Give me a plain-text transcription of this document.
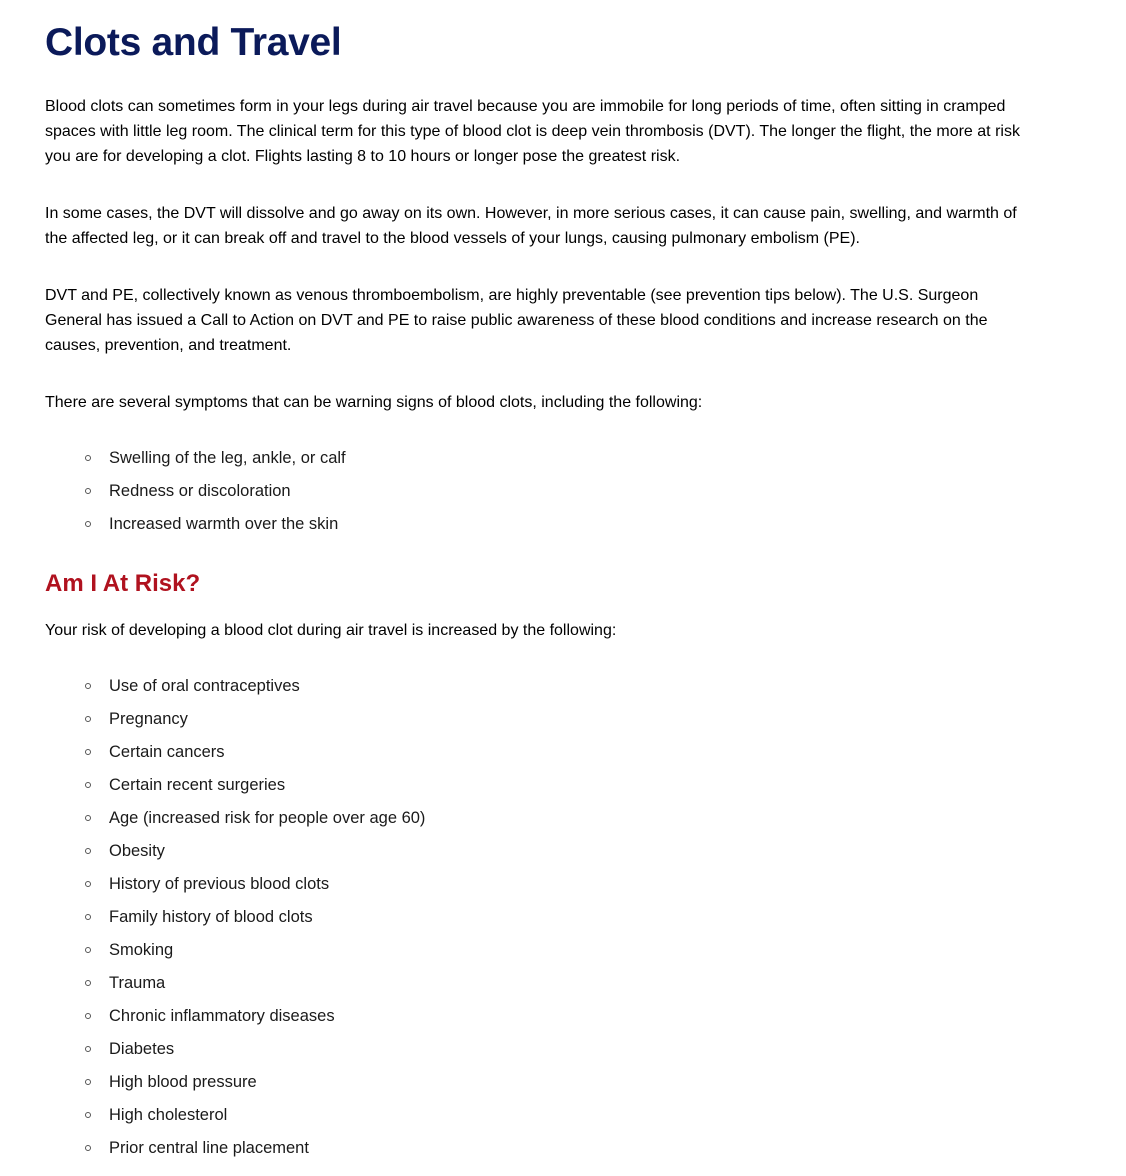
Clots and Travel

Blood clots can sometimes form in your legs during air travel because you are immobile for long periods of time, often sitting in cramped spaces with little leg room. The clinical term for this type of blood clot is deep vein thrombosis (DVT). The longer the flight, the more at risk you are for developing a clot. Flights lasting 8 to 10 hours or longer pose the greatest risk.

In some cases, the DVT will dissolve and go away on its own. However, in more serious cases, it can cause pain, swelling, and warmth of the affected leg, or it can break off and travel to the blood vessels of your lungs, causing pulmonary embolism (PE).

DVT and PE, collectively known as venous thromboembolism, are highly preventable (see prevention tips below). The U.S. Surgeon General has issued a Call to Action on DVT and PE to raise public awareness of these blood conditions and increase research on the causes, prevention, and treatment.

There are several symptoms that can be warning signs of blood clots, including the following:

Swelling of the leg, ankle, or calf
Redness or discoloration
Increased warmth over the skin
Am I At Risk?

Your risk of developing a blood clot during air travel is increased by the following:

Use of oral contraceptives
Pregnancy
Certain cancers
Certain recent surgeries
Age (increased risk for people over age 60)
Obesity
History of previous blood clots
Family history of blood clots
Smoking
Trauma
Chronic inflammatory diseases
Diabetes
High blood pressure
High cholesterol
Prior central line placement
